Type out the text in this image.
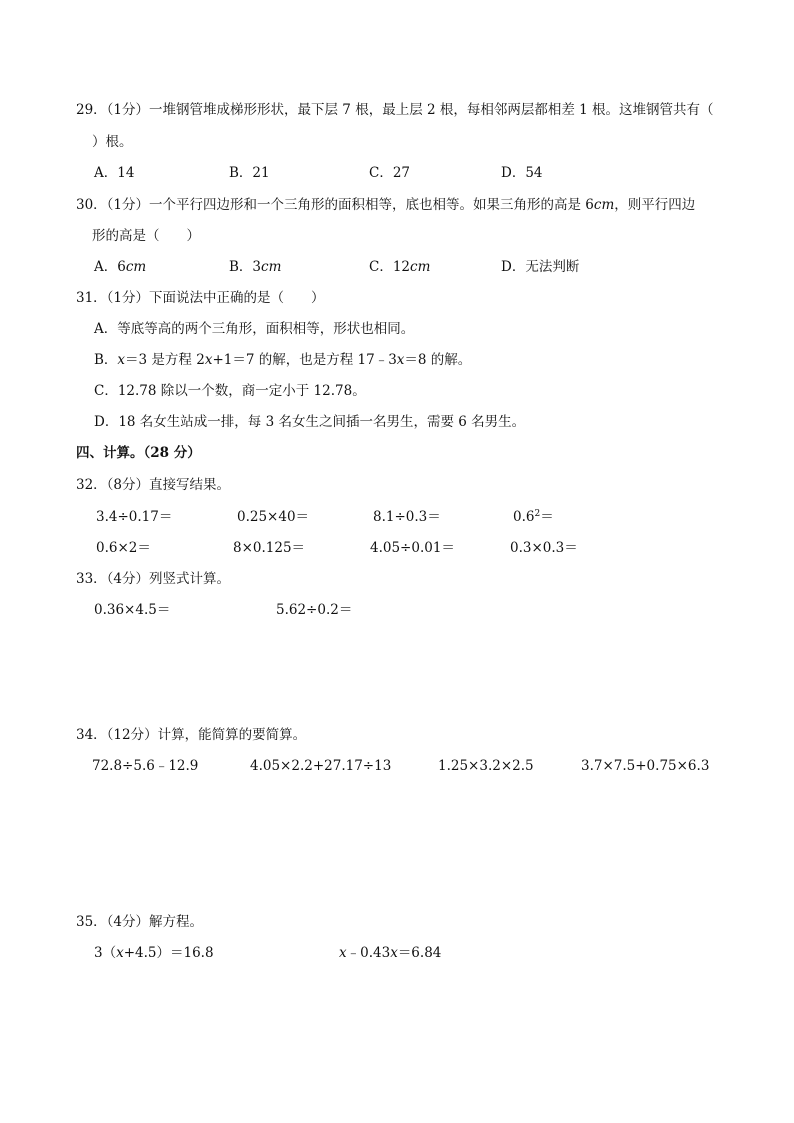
29．（1分）一堆钢管堆成梯形形状，最下层 7 根，最上层 2 根，每相邻两层都相差 1 根。这堆钢管共有（
）根。
A．14	B．21	C．27	D．54
30．（1分）一个平行四边形和一个三角形的面积相等，底也相等。如果三角形的高是 6cm，则平行四边
形的高是（　　）
A．6cm	B．3cm	C．12cm	D．无法判断
31．（1分）下面说法中正确的是（　　）
A．等底等高的两个三角形，面积相等，形状也相同。
B．x＝3 是方程 2x+1＝7 的解，也是方程 17﹣3x＝8 的解。
C．12.78 除以一个数，商一定小于 12.78。
D．18 名女生站成一排，每 3 名女生之间插一名男生，需要 6 名男生。
四、计算。（28 分）
32．（8分）直接写结果。
3.4÷0.17＝	0.25×40＝	8.1÷0.3＝	$0.6^2=$
0.6×2＝	8×0.125＝	4.05÷0.01＝	0.3×0.3＝
33．（4分）列竖式计算。
0.36×4.5＝	5.62÷0.2＝
34．（12分）计算，能简算的要简算。
72.8÷5.6﹣12.9	4.05×2.2+27.17÷13	1.25×3.2×2.5	3.7×7.5+0.75×6.3
35．（4分）解方程。
3（x+4.5）＝16.8	x﹣0.43x＝6.84
